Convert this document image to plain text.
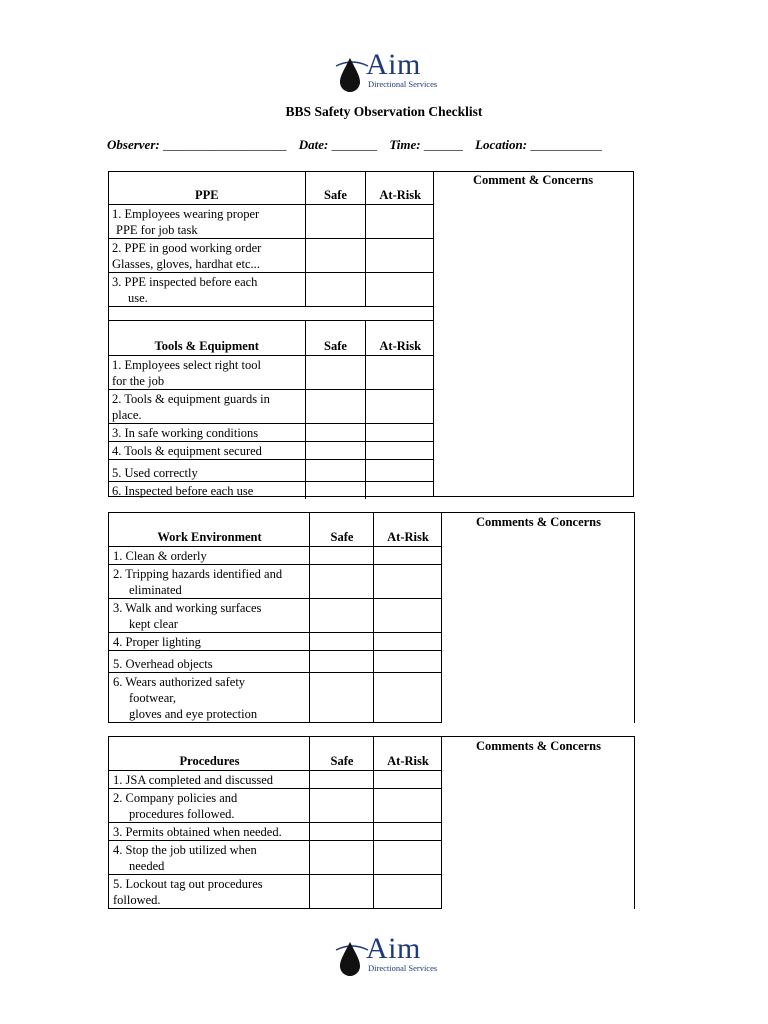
Aim
Directional Services
BBS Safety Observation Checklist
Observer: ___________________ Date: _______ Time: ______ Location: ___________
Comment & Concerns
PPE	Safe	At-Risk
1. Employees wearing proper
PPE for job task		
2. PPE in good working order
Glasses, gloves, hardhat etc...		
3. PPE inspected before each
use.		

Tools & Equipment	Safe	At-Risk
1. Employees select right tool
for the job		
2. Tools & equipment guards in
place.		
3. In safe working conditions		
4. Tools & equipment secured		
5. Used correctly		
6. Inspected before each use		
Work Environment	Safe	At-Risk	Comments & Concerns
1. Clean & orderly			
2. Tripping hazards identified and
eliminated			
3. Walk and working surfaces
kept clear			
4. Proper lighting			
5. Overhead objects			
6. Wears authorized safety
footwear,
gloves and eye protection			
Procedures	Safe	At-Risk	Comments & Concerns
1. JSA completed and discussed			
2. Company policies and
procedures followed.			
3. Permits obtained when needed.			
4. Stop the job utilized when
needed			
5. Lockout tag out procedures
followed.			
Aim
Directional Services
